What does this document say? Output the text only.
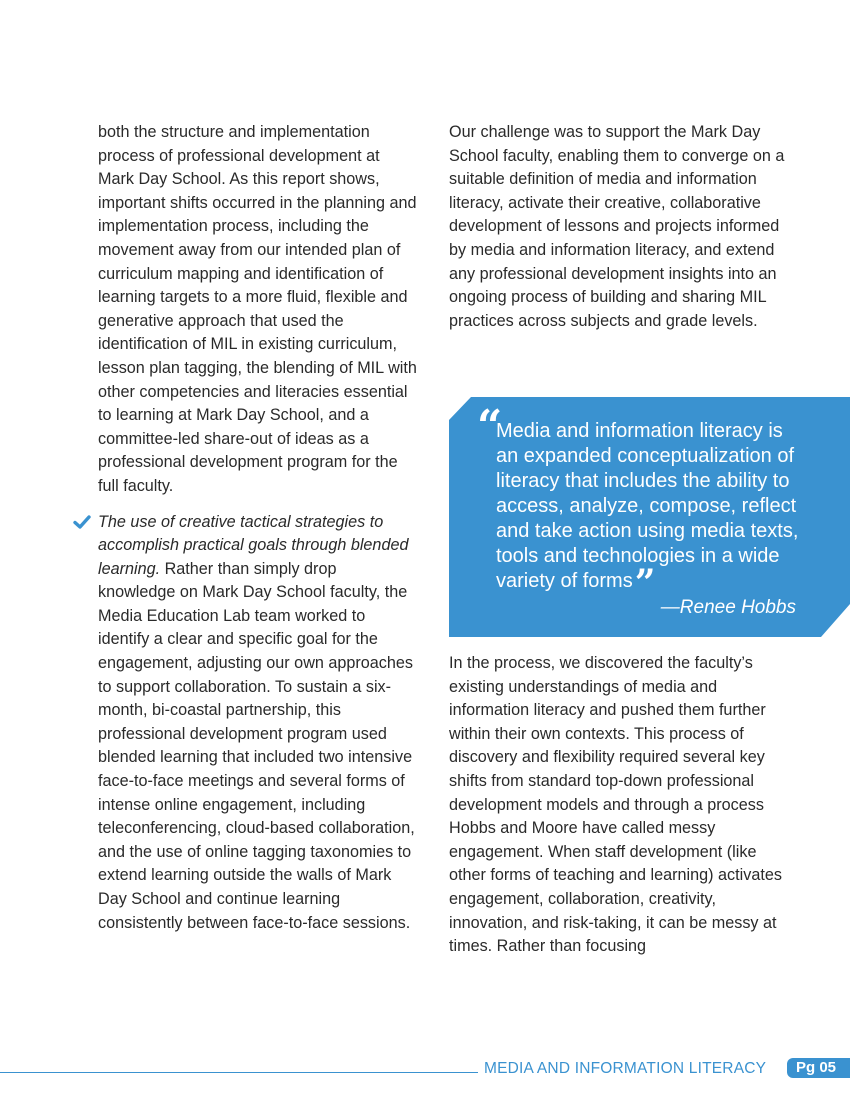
both the structure and implementation process of professional development at Mark Day School. As this report shows, important shifts occurred in the planning and implementation process, including the movement away from our intended plan of curriculum mapping and identification of learning targets to a more fluid, flexible and generative approach that used the identification of MIL in existing curriculum, lesson plan tagging, the blending of MIL with other competencies and literacies essential to learning at Mark Day School, and a committee-led share-out of ideas as a professional development program for the full faculty.

The use of creative tactical strategies to accomplish practical goals through blended learning. Rather than simply drop knowledge on Mark Day School faculty, the Media Education Lab team worked to identify a clear and specific goal for the engagement, adjusting our own approaches to support collaboration. To sustain a six-month, bi-coastal partnership, this professional development program used blended learning that included two intensive face-to-face meetings and several forms of intense online engagement, including teleconferencing, cloud-based collaboration, and the use of online tagging taxonomies to extend learning outside the walls of Mark Day School and continue learning consistently between face-to-face sessions.

Our challenge was to support the Mark Day School faculty, enabling them to converge on a suitable definition of media and information literacy, activate their creative, collaborative development of lessons and projects informed by media and information literacy, and extend any professional development insights into an ongoing process of building and sharing MIL practices across subjects and grade levels.

“
Media and information literacy is an expanded conceptualization of literacy that includes the ability to access, analyze, compose, reflect and take action using media texts, tools and technologies in a wide variety of forms”
—Renee Hobbs

In the process, we discovered the faculty’s existing understandings of media and information literacy and pushed them further within their own contexts. This process of discovery and flexibility required several key shifts from standard top-down professional development models and through a process Hobbs and Moore have called messy engagement. When staff development (like other forms of teaching and learning) activates engagement, collaboration, creativity, innovation, and risk-taking, it can be messy at times. Rather than focusing

MEDIA AND INFORMATION LITERACY	Pg 05
